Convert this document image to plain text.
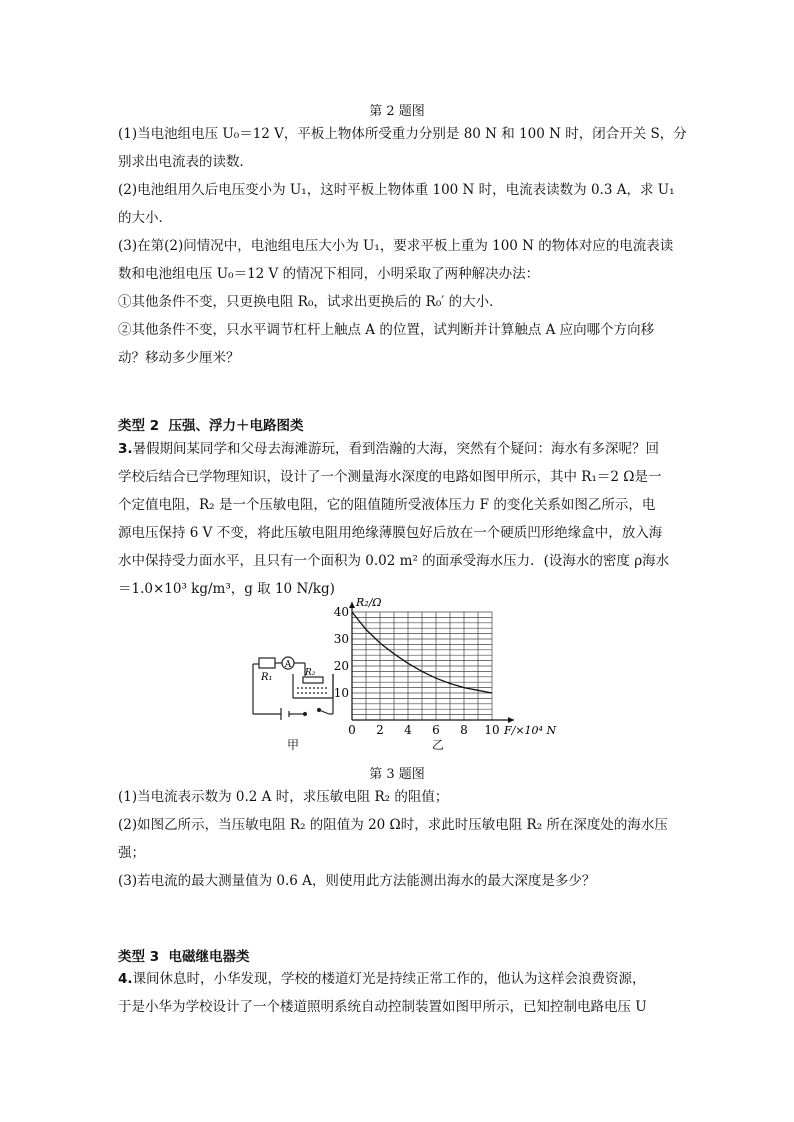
第 2 题图
(1)当电池组电压 U₀＝12 V，平板上物体所受重力分别是 80 N 和 100 N 时，闭合开关 S，分
别求出电流表的读数．
(2)电池组用久后电压变小为 U₁，这时平板上物体重 100 N 时，电流表读数为 0.3 A，求 U₁
的大小．
(3)在第(2)问情况中，电池组电压大小为 U₁，要求平板上重为 100 N 的物体对应的电流表读
数和电池组电压 U₀＝12 V 的情况下相同，小明采取了两种解决办法：
①其他条件不变，只更换电阻 R₀，试求出更换后的 R₀′ 的大小．
②其他条件不变，只水平调节杠杆上触点 A 的位置，试判断并计算触点 A 应向哪个方向移
动？移动多少厘米？
类型 2 压强、浮力＋电路图类
3.暑假期间某同学和父母去海滩游玩，看到浩瀚的大海，突然有个疑问：海水有多深呢？回
学校后结合已学物理知识，设计了一个测量海水深度的电路如图甲所示，其中 R₁＝2 Ω是一
个定值电阻，R₂ 是一个压敏电阻，它的阻值随所受液体压力 F 的变化关系如图乙所示，电
源电压保持 6 V 不变，将此压敏电阻用绝缘薄膜包好后放在一个硬质凹形绝缘盒中，放入海
水中保持受力面水平，且只有一个面积为 0.02 m² 的面承受海水压力．(设海水的密度 ρ海水
＝1.0×10³ kg/m³，g 取 10 N/kg)
A
R₁	R₂
甲	乙
0 2 4 6 8 10
10
20
30
40
R₂/Ω
F/×10⁴ N
第 3 题图
(1)当电流表示数为 0.2 A 时，求压敏电阻 R₂ 的阻值；
(2)如图乙所示，当压敏电阻 R₂ 的阻值为 20 Ω时，求此时压敏电阻 R₂ 所在深度处的海水压
强；
(3)若电流的最大测量值为 0.6 A，则使用此方法能测出海水的最大深度是多少？
类型 3 电磁继电器类
4.课间休息时，小华发现，学校的楼道灯光是持续正常工作的，他认为这样会浪费资源，
于是小华为学校设计了一个楼道照明系统自动控制装置如图甲所示，已知控制电路电压 U
